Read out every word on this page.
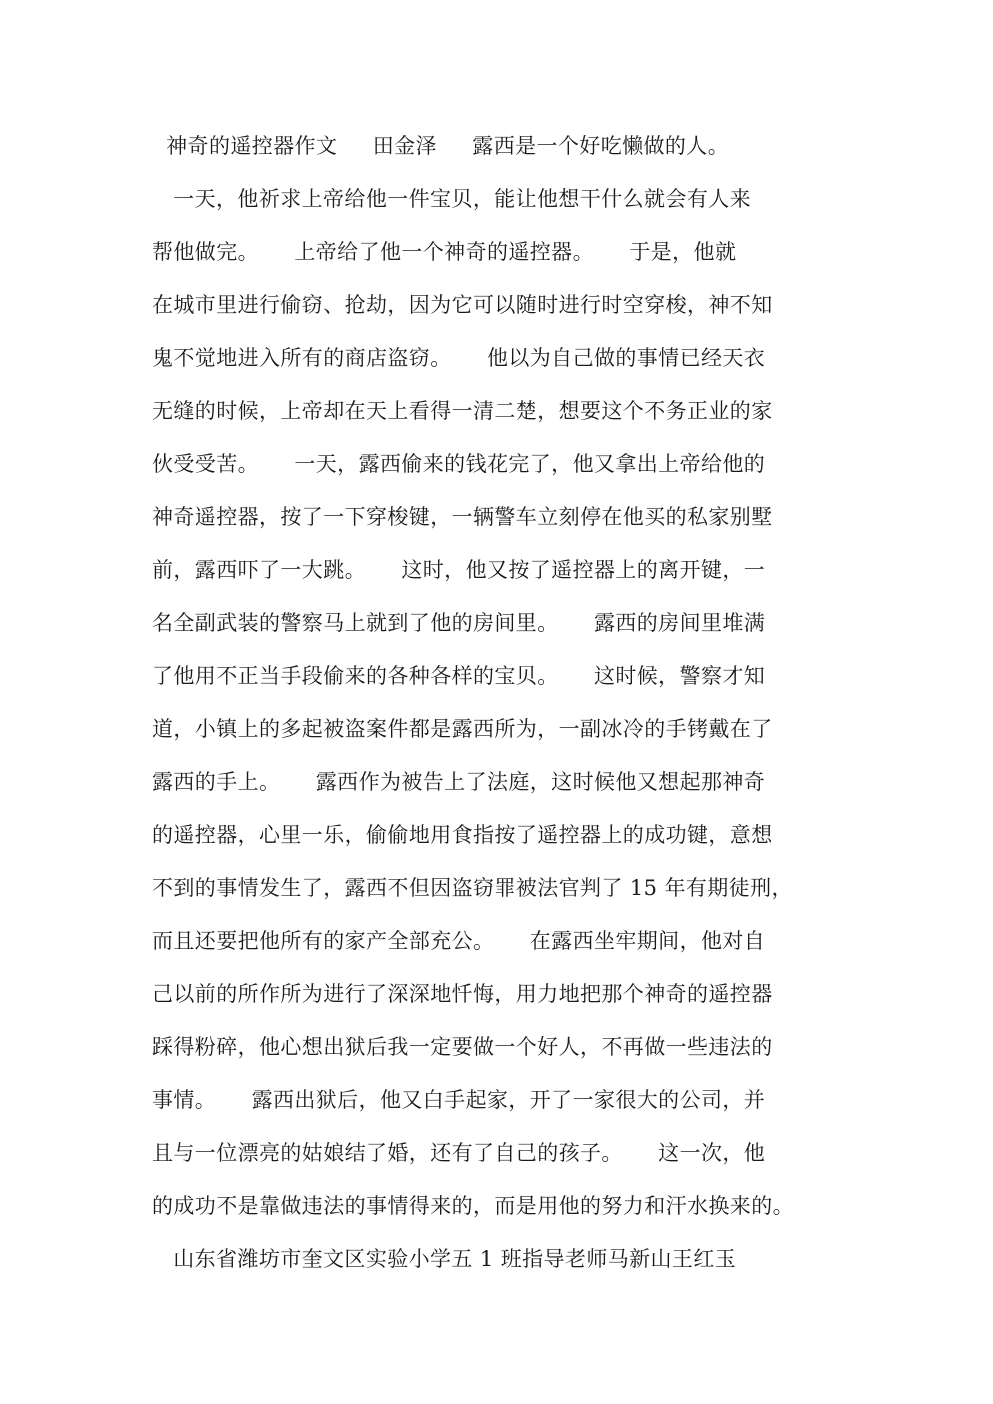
神奇的遥控器作文     田金泽     露西是一个好吃懒做的人。
一天，他祈求上帝给他一件宝贝，能让他想干什么就会有人来
帮他做完。     上帝给了他一个神奇的遥控器。     于是，他就
在城市里进行偷窃、抢劫，因为它可以随时进行时空穿梭，神不知
鬼不觉地进入所有的商店盗窃。     他以为自己做的事情已经天衣
无缝的时候，上帝却在天上看得一清二楚，想要这个不务正业的家
伙受受苦。     一天，露西偷来的钱花完了，他又拿出上帝给他的
神奇遥控器，按了一下穿梭键，一辆警车立刻停在他买的私家别墅
前，露西吓了一大跳。     这时，他又按了遥控器上的离开键，一
名全副武装的警察马上就到了他的房间里。     露西的房间里堆满
了他用不正当手段偷来的各种各样的宝贝。     这时候，警察才知
道，小镇上的多起被盗案件都是露西所为，一副冰冷的手铐戴在了
露西的手上。     露西作为被告上了法庭，这时候他又想起那神奇
的遥控器，心里一乐，偷偷地用食指按了遥控器上的成功键，意想
不到的事情发生了，露西不但因盗窃罪被法官判了 15 年有期徒刑，
而且还要把他所有的家产全部充公。     在露西坐牢期间，他对自
己以前的所作所为进行了深深地忏悔，用力地把那个神奇的遥控器
踩得粉碎，他心想出狱后我一定要做一个好人，不再做一些违法的
事情。     露西出狱后，他又白手起家，开了一家很大的公司，并
且与一位漂亮的姑娘结了婚，还有了自己的孩子。     这一次，他
的成功不是靠做违法的事情得来的，而是用他的努力和汗水换来的。
山东省潍坊市奎文区实验小学五 1 班指导老师马新山王红玉
